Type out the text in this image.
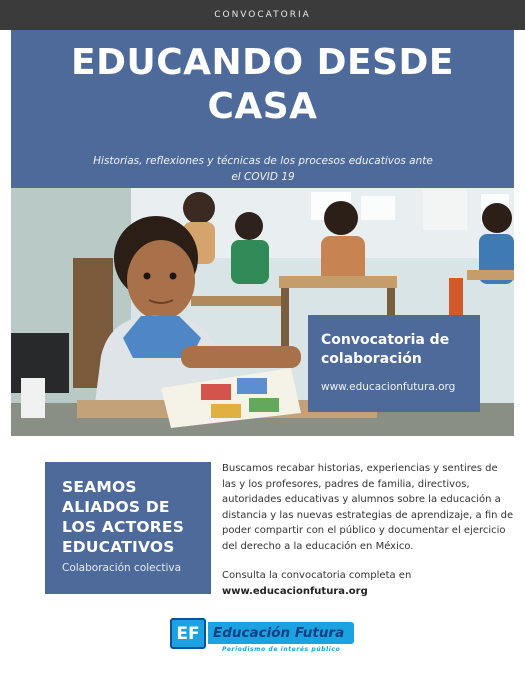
CONVOCATORIA
EDUCANDO DESDE
CASA
Historias, reflexiones y técnicas de los procesos educativos ante el COVID 19
Convocatoria de
colaboración
www.educacionfutura.org
SEAMOS
ALIADOS DE
LOS ACTORES
EDUCATIVOS
Colaboración colectiva
Buscamos recabar historias, experiencias y sentires de las y los profesores, padres de familia, directivos, autoridades educativas y alumnos sobre la educación a distancia y las nuevas estrategias de aprendizaje, a fin de poder compartir con el público y documentar el ejercicio del derecho a la educación en México.
Consulta la convocatoria completa en
www.educacionfutura.org
EF Educación Futura
Periodismo de interés público
